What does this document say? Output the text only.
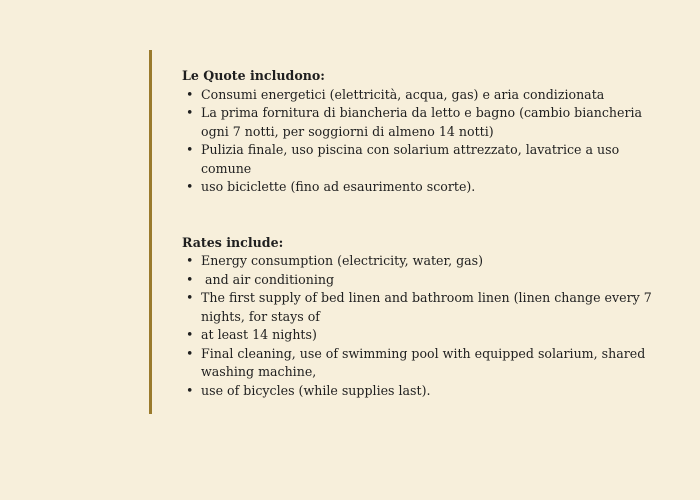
Le Quote includono:

• Consumi energetici (elettricità, acqua, gas) e aria condizionata
• La prima fornitura di biancheria da letto e bagno (cambio biancheria ogni 7 notti, per soggiorni di almeno 14 notti)
• Pulizia finale, uso piscina con solarium attrezzato, lavatrice a uso comune
• uso biciclette (fino ad esaurimento scorte).

Rates include:

• Energy consumption (electricity, water, gas)
•  and air conditioning
• The first supply of bed linen and bathroom linen (linen change every 7 nights, for stays of
• at least 14 nights)
• Final cleaning, use of swimming pool with equipped solarium, shared washing machine,
• use of bicycles (while supplies last).
